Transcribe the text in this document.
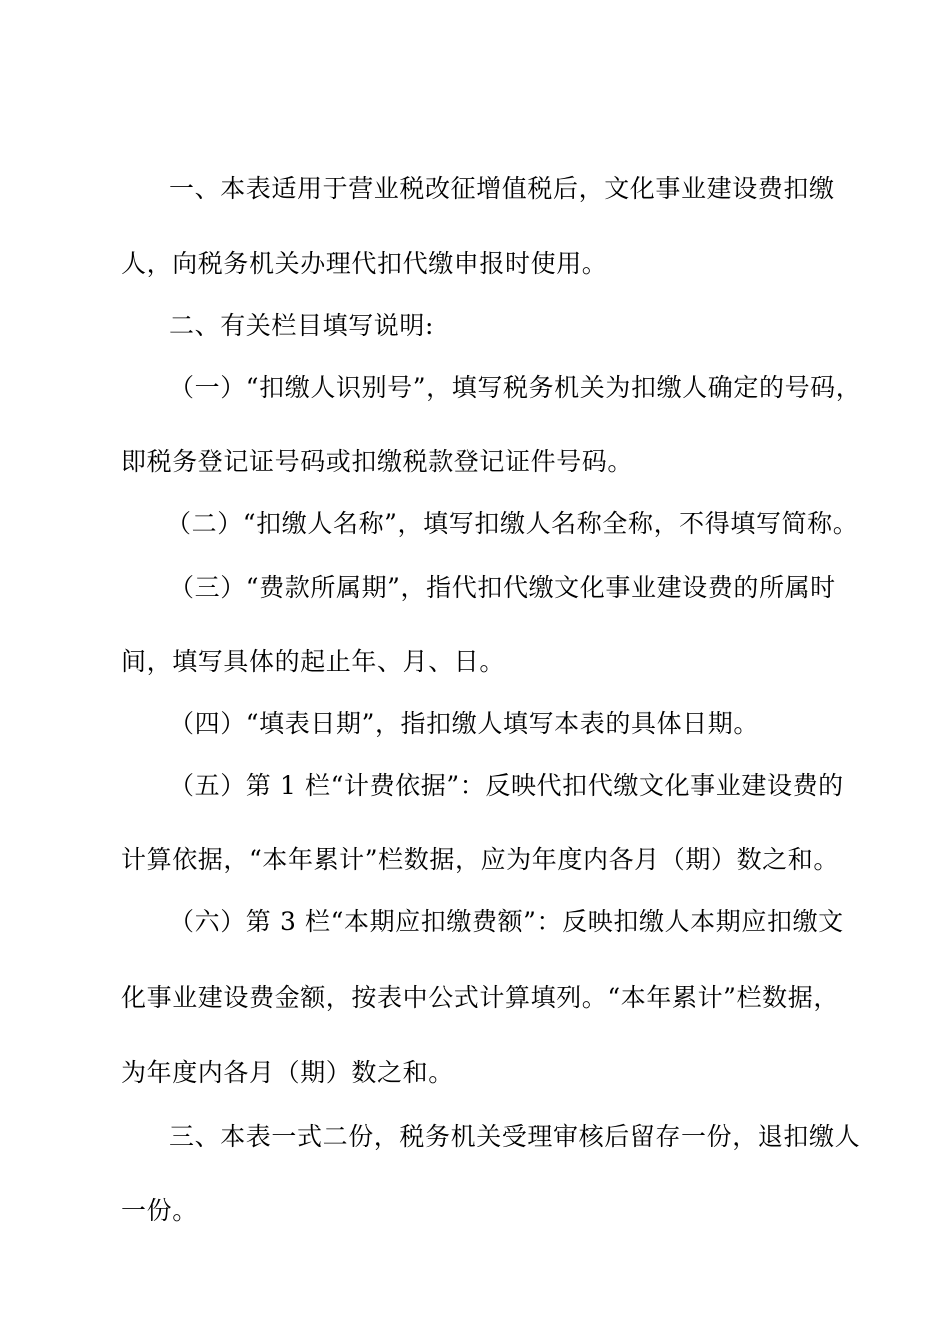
一、本表适用于营业税改征增值税后，文化事业建设费扣缴
人，向税务机关办理代扣代缴申报时使用。
二、有关栏目填写说明:
（一）“扣缴人识别号”，填写税务机关为扣缴人确定的号码，
即税务登记证号码或扣缴税款登记证件号码。
（二）“扣缴人名称”，填写扣缴人名称全称，不得填写简称。
（三）“费款所属期”，指代扣代缴文化事业建设费的所属时
间，填写具体的起止年、月、日。
（四）“填表日期”，指扣缴人填写本表的具体日期。
（五）第 1 栏“计费依据”：反映代扣代缴文化事业建设费的
计算依据，“本年累计”栏数据，应为年度内各月（期）数之和。
（六）第 3 栏“本期应扣缴费额”：反映扣缴人本期应扣缴文
化事业建设费金额，按表中公式计算填列。“本年累计”栏数据，
为年度内各月（期）数之和。
三、本表一式二份，税务机关受理审核后留存一份，退扣缴人
一份。
